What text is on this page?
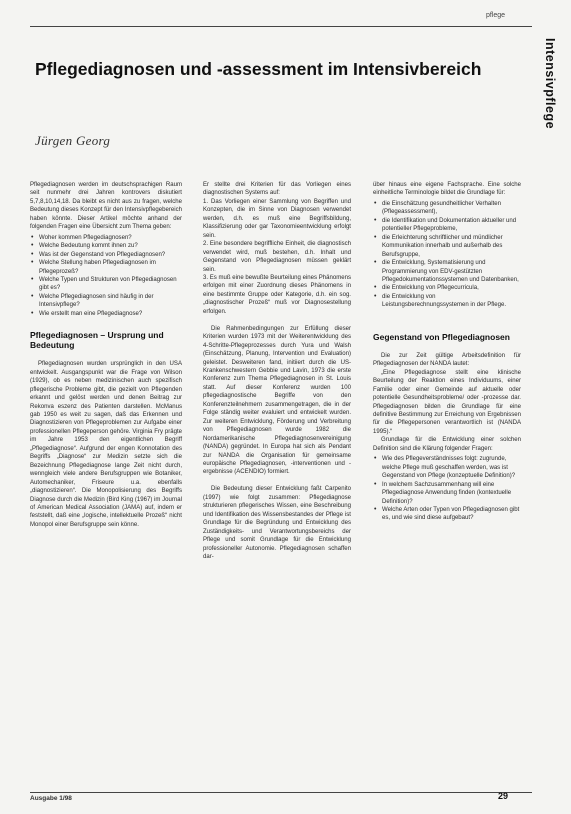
pflege
Intensivpflege
Pflegediagnosen und -assessment im Intensivbereich
Jürgen Georg

Pflegediagnosen werden im deutschsprachigen Raum seit nunmehr drei Jahren kontrovers diskutiert 5,7,8,10,14,18. Da bleibt es nicht aus zu fragen, welche Bedeutung dieses Konzept für den Intensivpflegebereich haben könnte. Dieser Artikel möchte anhand der folgenden Fragen eine Übersicht zum Thema geben:

• Woher kommen Pflegediagnosen?
• Welche Bedeutung kommt ihnen zu?
• Was ist der Gegenstand von Pflegediagnosen?
• Welche Stellung haben Pflegediagnosen im Pflegeprozeß?
• Welche Typen und Strukturen von Pflegediagnosen gibt es?
• Welche Pflegediagnosen sind häufig in der Intensivpflege?
• Wie erstellt man eine Pflegediagnose?
Pflegediagnosen – Ursprung und Bedeutung

Pflegediagnosen wurden ursprünglich in den USA entwickelt. Ausgangspunkt war die Frage von Wilson (1929), ob es neben medizinischen auch spezifisch pflegerische Probleme gibt, die gezielt von Pflegenden erkannt und gelöst werden und denen Beitrag zur Rekonva eszenz des Patienten darstellen. McManus gab 1950 es weit zu sagen, daß das Erkennen und Diagnostizieren von Pflegeproblemen zur Aufgabe einer professionellen Pflegeperson gehöre. Virginia Fry prägte im Jahre 1953 den eigentlichen Begriff „Pflegediagnose“. Aufgrund der engen Konnotation des Begriffs „Diagnose“ zur Medizin setzte sich die Bezeichnung Pflegediagnose lange Zeit nicht durch, wenngleich viele andere Berufsgruppen wie Botaniker, Automechaniker, Friseure u.a. ebenfalls „diagnostizieren“. Die Monopolisierung des Begriffs Diagnose durch die Medizin (Bird King (1967) im Journal of American Medical Association (JAMA) auf, indem er feststellt, daß eine „logische, intellektuelle Prozeß“ nicht Monopol einer Berufsgruppe sein könne.

Er stellte drei Kriterien für das Vorliegen eines diagnostischen Systems auf:

1. Das Vorliegen einer Sammlung von Begriffen und Konzepten, die im Sinne von Diagnosen verwendet werden, d.h. es muß eine Begriffsbildung, Klassifizierung oder gar Taxonomieentwicklung erfolgt sein.

2. Eine besondere begriffliche Einheit, die diagnostisch verwendet wird, muß bestehen, d.h. Inhalt und Gegenstand von Pflegediagnosen müssen geklärt sein.

3. Es muß eine bewußte Beurteilung eines Phänomens erfolgen mit einer Zuordnung dieses Phänomens in eine bestimmte Gruppe oder Kategorie, d.h. ein sog. „diagnostischer Prozeß“ muß vor Diagnosestellung erfolgen.

Die Rahmenbedingungen zur Erfüllung dieser Kriterien wurden 1973 mit der Weiterentwicklung des 4-Schritte-Pflegeprozesses durch Yura und Walsh (Einschätzung, Planung, Intervention und Evaluation) geleistet. Desweiteren fand, initiiert durch die US-Krankenschwestern Gebbie und Lavin, 1973 die erste Konferenz zum Thema Pflegediagnosen in St. Louis statt. Auf dieser Konferenz wurden 100 pflegediagnostische Begriffe von den Konferenzteilnehmern zusammengetragen, die in der Folge ständig weiter evaluiert und entwickelt wurden. Zur weiteren Entwicklung, Förderung und Verbreitung von Pflegediagnosen wurde 1982 die Nordamerikanische Pflegediagnosenvereinigung (NANDA) gegründet. In Europa hat sich als Pendant zur NANDA die Organisation für gemeinsame europäische Pflegediagnosen, -interventionen und -ergebnisse (ACENDIO) formiert.

Die Bedeutung dieser Entwicklung faßt Carpenito (1997) wie folgt zusammen: Pflegediagnose strukturieren pflegerisches Wissen, eine Beschreibung und Identifikation des Wissensbestandes der Pflege ist Grundlage für die Begründung und Entwicklung des Zuständigkeits- und Verantwortungsbereichs der Pflege und somit Grundlage für die Entwicklung professioneller Autonomie. Pflegediagnosen schaffen dar-

über hinaus eine eigene Fachsprache. Eine solche einheitliche Terminologie bildet die Grundlage für:

• die Einschätzung gesundheitlicher Verhalten (Pflegeassessment),
• die Identifikation und Dokumentation aktueller und potentieller Pflegeprobleme,
• die Erleichterung schriftlicher und mündlicher Kommunikation innerhalb und außerhalb des Berufsgruppe,
• die Entwicklung, Systematisierung und Programmierung von EDV-gestützten Pflegedokumentationssystemen und Datenbanken,
• die Entwicklung von Pflegecurricula,
• die Entwicklung von Leistungsberechnungssystemen in der Pflege.
Gegenstand von Pflegediagnosen

Die zur Zeit gültige Arbeitsdefinition für Pflegediagnosen der NANDA lautet:

„Eine Pflegediagnose stellt eine klinische Beurteilung der Reaktion eines Individuums, einer Familie oder einer Gemeinde auf aktuelle oder potentielle Gesundheitsprobleme/ oder -prozesse dar. Pflegediagnosen bilden die Grundlage für eine definitive Bestimmung zur Erreichung von Ergebnissen für die Pflegepersonen verantwortlich ist (NANDA 1995).“

Grundlage für die Entwicklung einer solchen Definition sind die Klärung folgender Fragen:

• Wie des Pflegeverständnisses folgt: zugrunde, welche Pflege muß geschaffen werden, was ist Gegenstand von Pflege (konzeptuelle Definition)?
• In welchem Sachzusammenhang will eine Pflegediagnose Anwendung finden (kontextuelle Definition)?
• Welche Arten oder Typen von Pflegediagnosen gibt es, und wie sind diese aufgebaut?
Ausgabe 1/98	29
